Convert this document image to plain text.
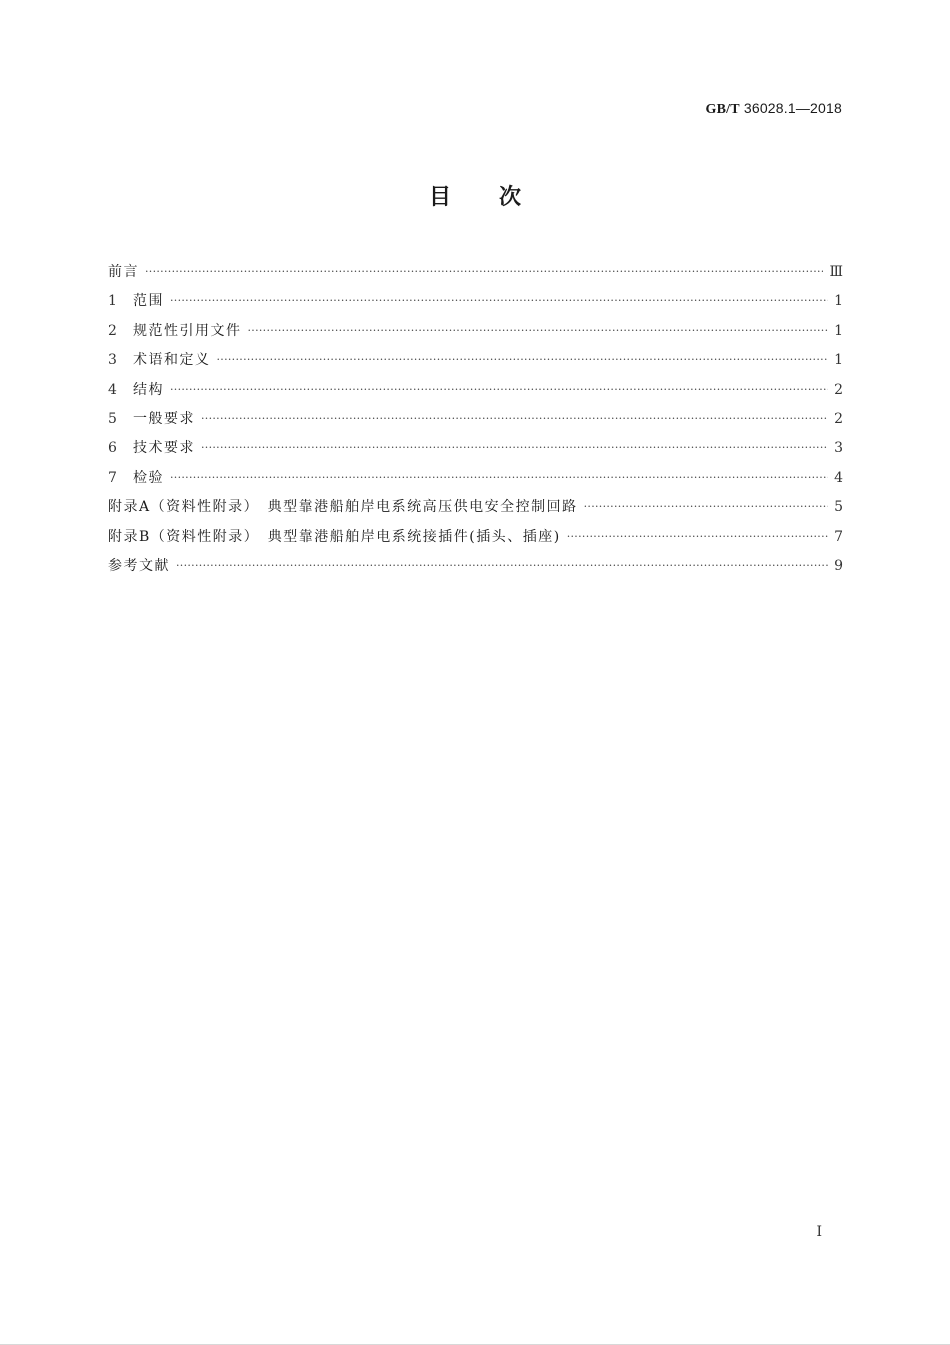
GB/T 36028.1—2018
目次
前言 ·····	Ⅲ
1	范围 ·····	1
2	规范性引用文件 ·····	1
3	术语和定义 ·····	1
4	结构 ·····	2
5	一般要求 ·····	2
6	技术要求 ·····	3
7	检验 ·····	4
附录A（资料性附录）　典型靠港船舶岸电系统高压供电安全控制回路 ·····	5
附录B（资料性附录）　典型靠港船舶岸电系统接插件(插头、插座) ·····	7
参考文献 ·····	9
I
